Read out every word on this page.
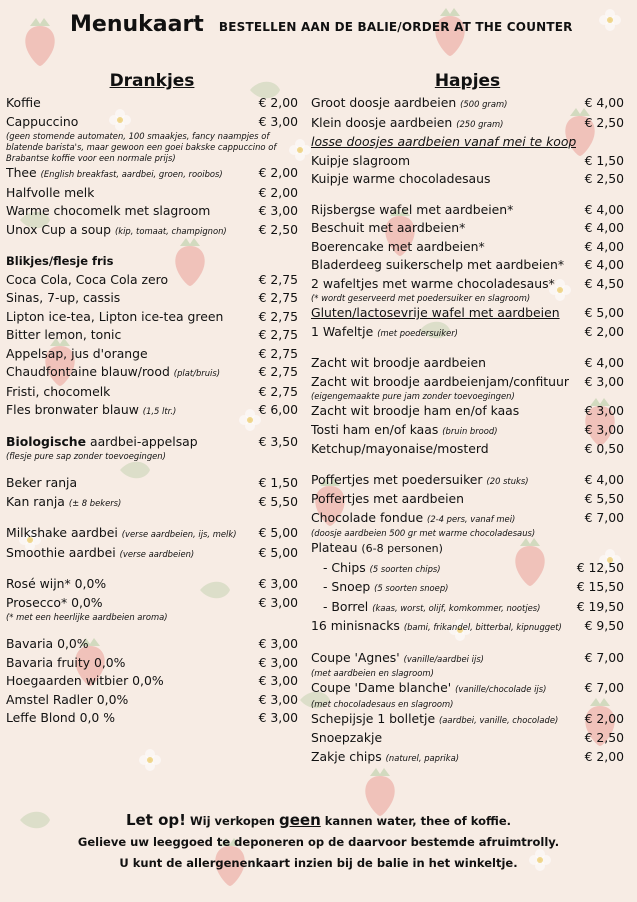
Menukaart BESTELLEN AAN DE BALIE/ORDER AT THE COUNTER
Drankjes
Koffie	€ 2,00
Cappuccino	€ 3,00
(geen stomende automaten, 100 smaakjes, fancy naampjes of
blatende barista's, maar gewoon een goei bakske cappuccino of
Brabantse koffie voor een normale prijs)
Thee (English breakfast, aardbei, groen, rooibos)	€ 2,00
Halfvolle melk	€ 2,00
Warme chocomelk met slagroom	€ 3,00
Unox Cup a soup (kip, tomaat, champignon)	€ 2,50
Blikjes/flesje fris
Coca Cola, Coca Cola zero	€ 2,75
Sinas, 7-up, cassis	€ 2,75
Lipton ice-tea, Lipton ice-tea green	€ 2,75
Bitter lemon, tonic	€ 2,75
Appelsap, jus d'orange	€ 2,75
Chaudfontaine blauw/rood (plat/bruis)	€ 2,75
Fristi, chocomelk	€ 2,75
Fles bronwater blauw (1,5 ltr.)	€ 6,00
Biologische aardbei-appelsap	€ 3,50
(flesje pure sap zonder toevoegingen)
Beker ranja	€ 1,50
Kan ranja (± 8 bekers)	€ 5,50
Milkshake aardbei (verse aardbeien, ijs, melk) € 5,00
Smoothie aardbei (verse aardbeien)	€ 5,00
Rosé wijn* 0,0%	€ 3,00
Prosecco* 0,0%	€ 3,00
(* met een heerlijke aardbeien aroma)
Bavaria 0,0%	€ 3,00
Bavaria fruity 0,0%	€ 3,00
Hoegaarden witbier 0,0%	€ 3,00
Amstel Radler 0,0%	€ 3,00
Leffe Blond 0,0 %	€ 3,00
Hapjes
Groot doosje aardbeien (500 gram)	€ 4,00
Klein doosje aardbeien (250 gram)	€ 2,50
losse doosjes aardbeien vanaf mei te koop
Kuipje slagroom	€ 1,50
Kuipje warme chocoladesaus	€ 2,50
Rijsbergse wafel met aardbeien*	€ 4,00
Beschuit met aardbeien*	€ 4,00
Boerencake met aardbeien*	€ 4,00
Bladerdeeg suikerschelp met aardbeien* € 4,00
2 wafeltjes met warme chocoladesaus* € 4,50
(* wordt geserveerd met poedersuiker en slagroom)
Gluten/lactosevrije wafel met aardbeien € 5,00
1 Wafeltje (met poedersuiker)	€ 2,00
Zacht wit broodje aardbeien	€ 4,00
Zacht wit broodje aardbeienjam/confituur € 3,00
(eigengemaakte pure jam zonder toevoegingen)
Zacht wit broodje ham en/of kaas	€ 3,00
Tosti ham en/of kaas (bruin brood)	€ 3,00
Ketchup/mayonaise/mosterd	€ 0,50
Poffertjes met poedersuiker (20 stuks)	€ 4,00
Poffertjes met aardbeien	€ 5,50
Chocolade fondue (2-4 pers, vanaf mei)	€ 7,00
(doosje aardbeien 500 gr met warme chocoladesaus)
Plateau (6-8 personen)
- Chips (5 soorten chips)	€ 12,50
- Snoep (5 soorten snoep)	€ 15,50
- Borrel (kaas, worst, olijf, komkommer, nootjes)	€ 19,50
16 minisnacks (bami, frikandel, bitterbal, kipnugget) € 9,50
Coupe 'Agnes' (vanille/aardbei ijs)	€ 7,00
(met aardbeien en slagroom)
Coupe 'Dame blanche' (vanille/chocolade ijs)	€ 7,00
(met chocoladesaus en slagroom)
Schepijsje 1 bolletje (aardbei, vanille, chocolade) € 2,00
Snoepzakje	€ 2,50
Zakje chips (naturel, paprika)	€ 2,00
Let op! Wij verkopen geen kannen water, thee of koffie.
Gelieve uw leeggoed te deponeren op de daarvoor bestemde afruimtrolly.
U kunt de allergenenkaart inzien bij de balie in het winkeltje.
